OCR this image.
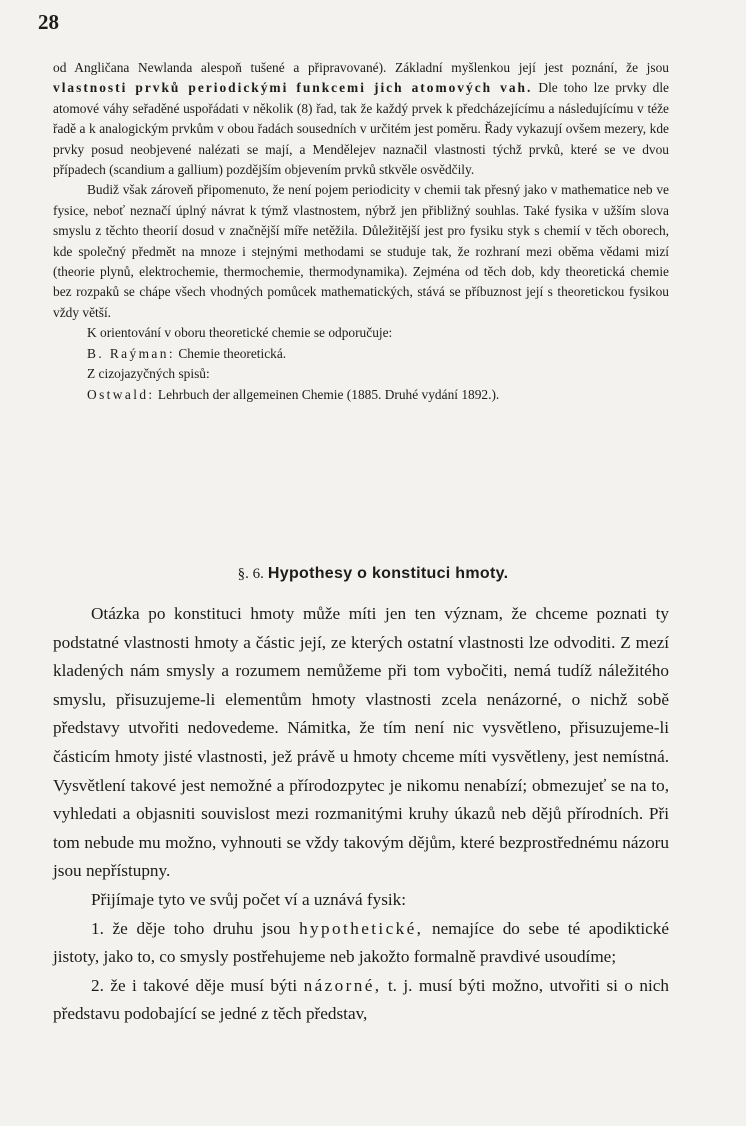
28

od Angličana Newlanda alespoň tušené a připravované). Základní myšlenkou její jest poznání, že jsou vlastnosti prvků periodickými funkcemi jich atomových vah. Dle toho lze prvky dle atomové váhy seřaděné uspořádati v několik (8) řad, tak že každý prvek k předcházejícímu a následujícímu v téže řadě a k analogickým prvkům v obou řadách sousedních v určitém jest poměru. Řady vykazují ovšem mezery, kde prvky posud neobjevené nalézati se mají, a Mendělejev naznačil vlastnosti týchž prvků, které se ve dvou případech (scandium a gallium) pozdějším objevením prvků stkvěle osvědčily.

Budiž však zároveň připomenuto, že není pojem periodicity v chemii tak přesný jako v mathematice neb ve fysice, neboť neznačí úplný návrat k týmž vlastnostem, nýbrž jen přibližný souhlas. Také fysika v užším slova smyslu z těchto theorií dosud v značnější míře netěžila. Důležitější jest pro fysiku styk s chemií v těch oborech, kde společný předmět na mnoze i stejnými methodami se studuje tak, že rozhraní mezi oběma vědami mizí (theorie plynů, elektrochemie, thermochemie, thermodynamika). Zejména od těch dob, kdy theoretická chemie bez rozpaků se chápe všech vhodných pomůcek mathematických, stává se příbuznost její s theoretickou fysikou vždy větší.

K orientování v oboru theoretické chemie se odporučuje:

B. Raýman: Chemie theoretická.

Z cizojazyčných spisů:

Ostwald: Lehrbuch der allgemeinen Chemie (1885. Druhé vydání 1892.).

§. 6. Hypothesy o konstituci hmoty.

Otázka po konstituci hmoty může míti jen ten význam, že chceme poznati ty podstatné vlastnosti hmoty a částic její, ze kterých ostatní vlastnosti lze odvoditi. Z mezí kladených nám smysly a rozumem nemůžeme při tom vybočiti, nemá tudíž náležitého smyslu, přisuzujeme-li elementům hmoty vlastnosti zcela nenázorné, o nichž sobě představy utvořiti nedovedeme. Námitka, že tím není nic vysvětleno, přisuzujeme-li částicím hmoty jisté vlastnosti, jež právě u hmoty chceme míti vysvětleny, jest nemístná. Vysvětlení takové jest nemožné a přírodozpytec je nikomu nenabízí; obmezujeť se na to, vyhledati a objasniti souvislost mezi rozmanitými kruhy úkazů neb dějů přírodních. Při tom nebude mu možno, vyhnouti se vždy takovým dějům, které bezprostřednému názoru jsou nepřístupny.

Přijímaje tyto ve svůj počet ví a uznává fysik:

1. že děje toho druhu jsou hypothetické, nemajíce do sebe té apodiktické jistoty, jako to, co smysly postřehujeme neb jakožto formalně pravdivé usoudíme;

2. že i takové děje musí býti názorné, t. j. musí býti možno, utvořiti si o nich představu podobající se jedné z těch představ,
